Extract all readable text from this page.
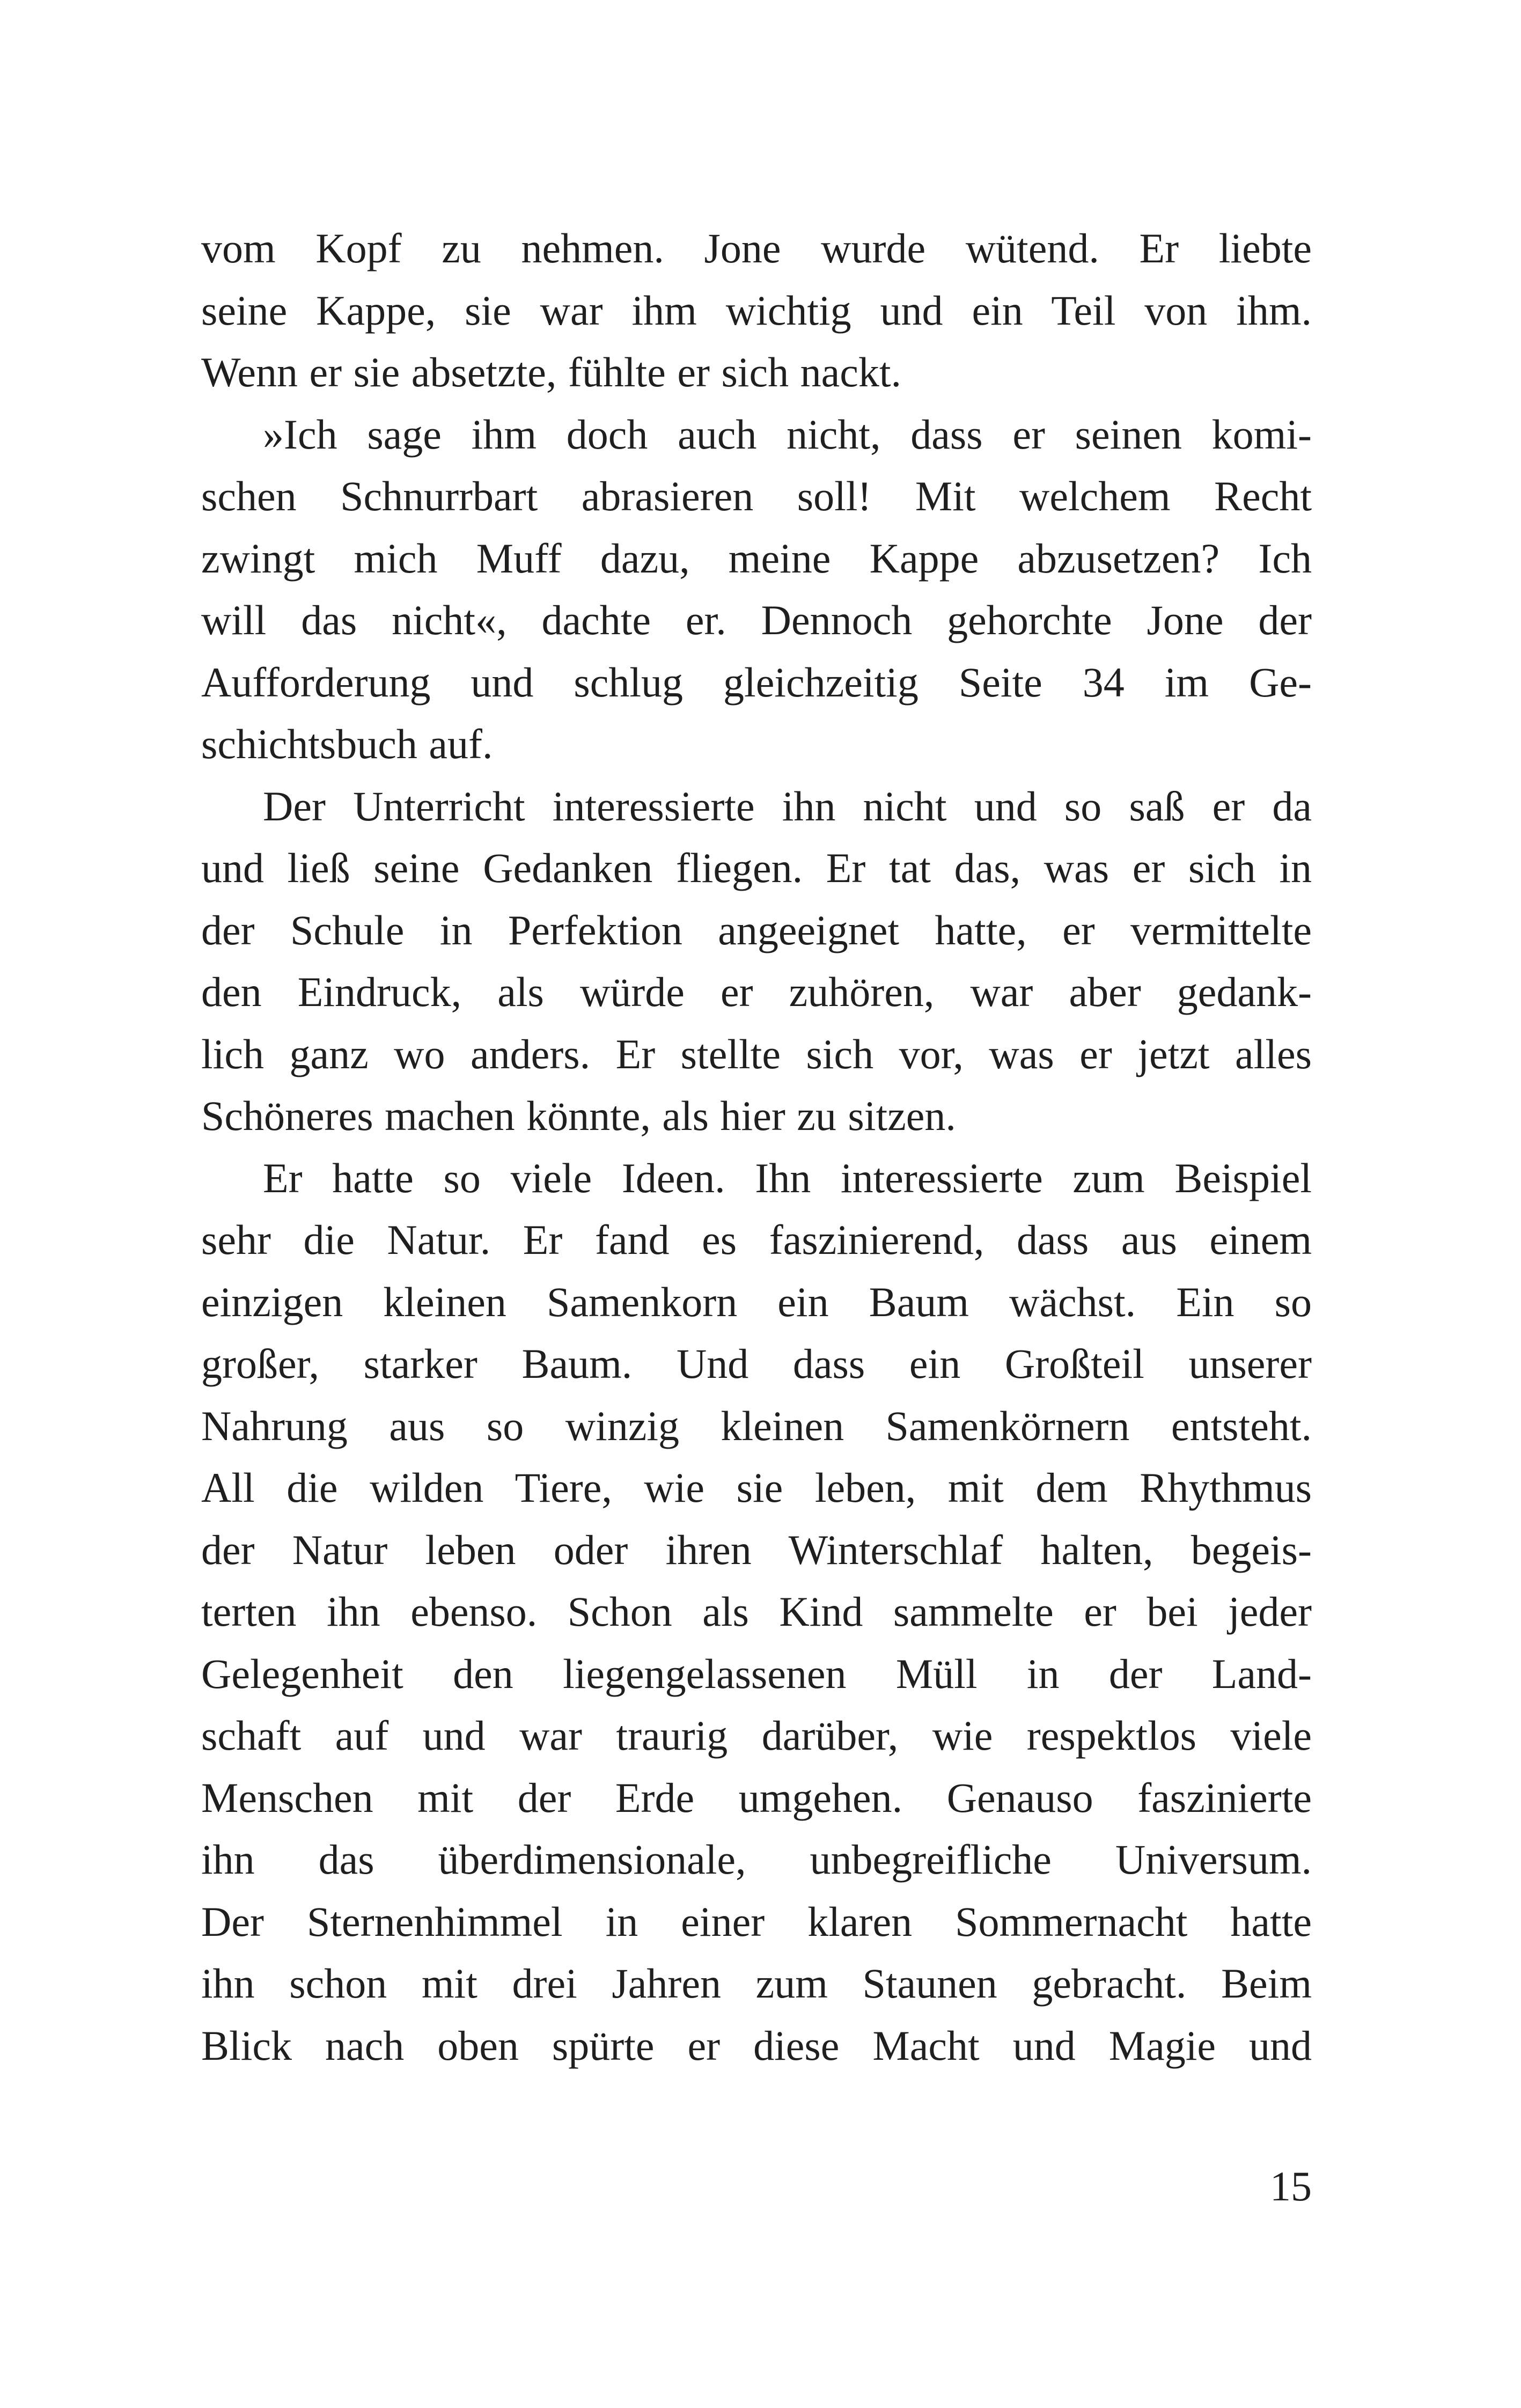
vom Kopf zu nehmen. Jone wurde wütend. Er liebte
seine Kappe, sie war ihm wichtig und ein Teil von ihm.
Wenn er sie absetzte, fühlte er sich nackt.

»Ich sage ihm doch auch nicht, dass er seinen komi-
schen Schnurrbart abrasieren soll! Mit welchem Recht
zwingt mich Muff dazu, meine Kappe abzusetzen? Ich
will das nicht«, dachte er. Dennoch gehorchte Jone der
Aufforderung und schlug gleichzeitig Seite 34 im Ge-
schichtsbuch auf.

Der Unterricht interessierte ihn nicht und so saß er da
und ließ seine Gedanken fliegen. Er tat das, was er sich in
der Schule in Perfektion angeeignet hatte, er vermittelte
den Eindruck, als würde er zuhören, war aber gedank-
lich ganz wo anders. Er stellte sich vor, was er jetzt alles
Schöneres machen könnte, als hier zu sitzen.

Er hatte so viele Ideen. Ihn interessierte zum Beispiel
sehr die Natur. Er fand es faszinierend, dass aus einem
einzigen kleinen Samenkorn ein Baum wächst. Ein so
großer, starker Baum. Und dass ein Großteil unserer
Nahrung aus so winzig kleinen Samenkörnern entsteht.
All die wilden Tiere, wie sie leben, mit dem Rhythmus
der Natur leben oder ihren Winterschlaf halten, begeis-
terten ihn ebenso. Schon als Kind sammelte er bei jeder
Gelegenheit den liegengelassenen Müll in der Land-
schaft auf und war traurig darüber, wie respektlos viele
Menschen mit der Erde umgehen. Genauso faszinierte
ihn das überdimensionale, unbegreifliche Universum.
Der Sternenhimmel in einer klaren Sommernacht hatte
ihn schon mit drei Jahren zum Staunen gebracht. Beim
Blick nach oben spürte er diese Macht und Magie und

15
